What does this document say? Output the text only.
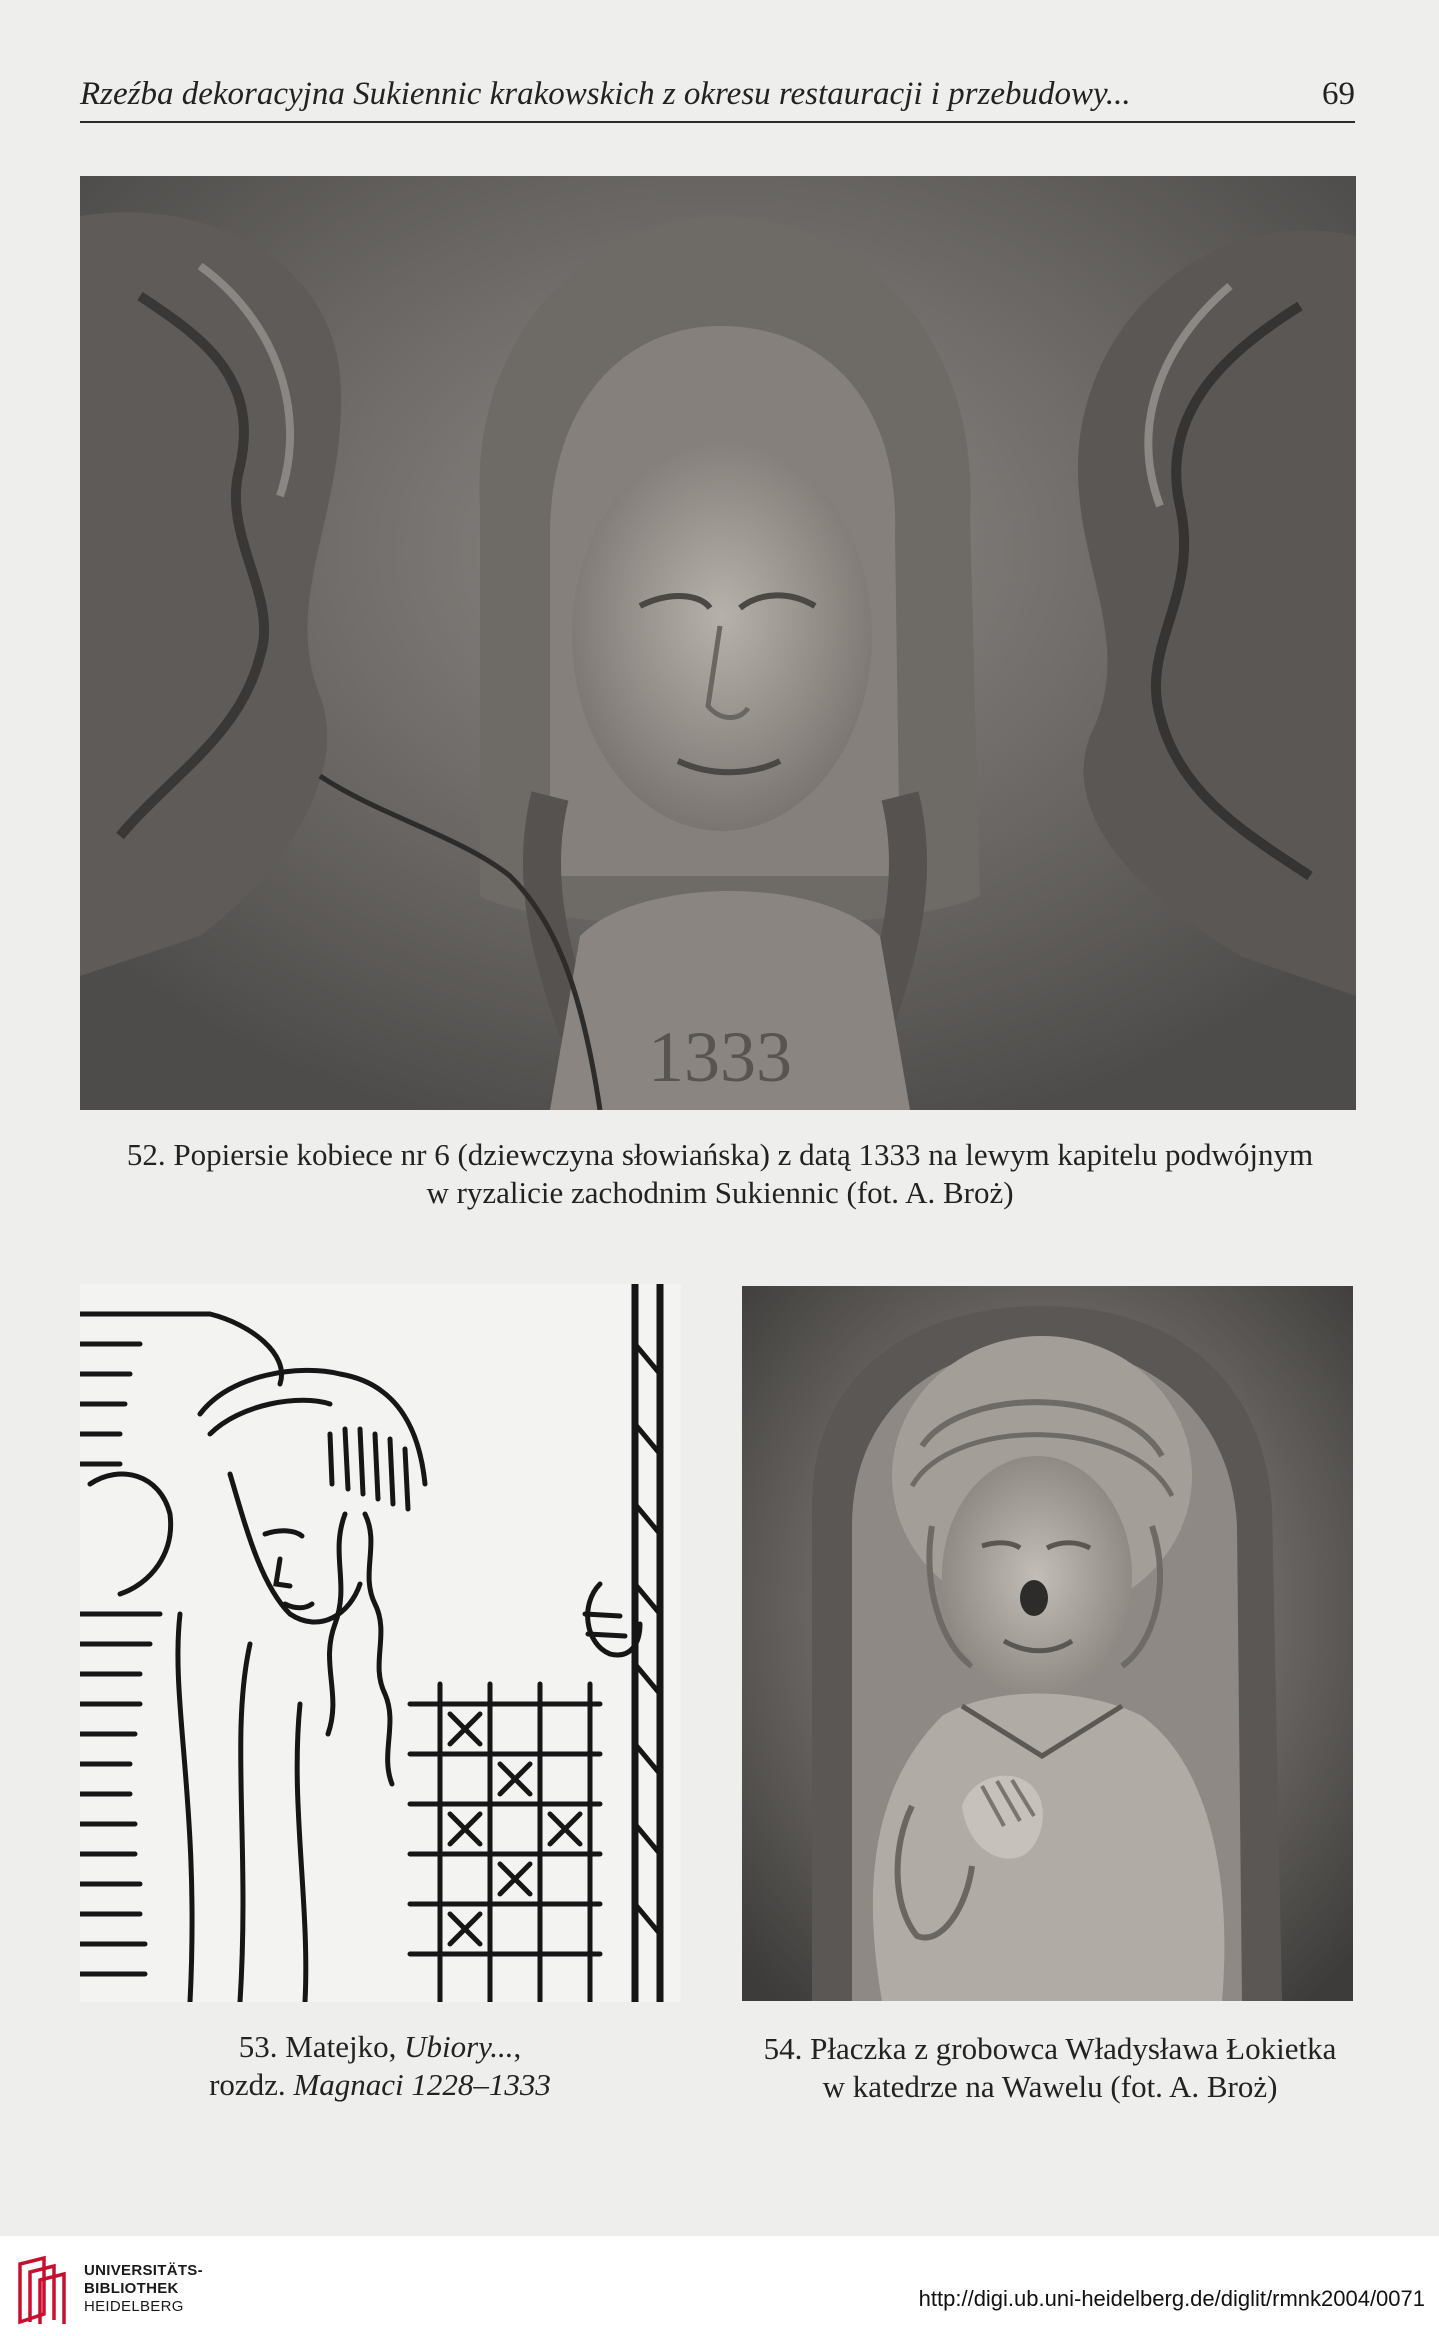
Rzeźba dekoracyjna Sukiennic krakowskich z okresu restauracji i przebudowy...	69
1333
52. Popiersie kobiece nr 6 (dziewczyna słowiańska) z datą 1333 na lewym kapitelu podwójnym
w ryzalicie zachodnim Sukiennic (fot. A. Broż)
53. Matejko, Ubiory...,
rozdz. Magnaci 1228–1333
54. Płaczka z grobowca Władysława Łokietka
w katedrze na Wawelu (fot. A. Broż)
UNIVERSITÄTS-
BIBLIOTHEK
HEIDELBERG	http://digi.ub.uni-heidelberg.de/diglit/rmnk2004/0071
